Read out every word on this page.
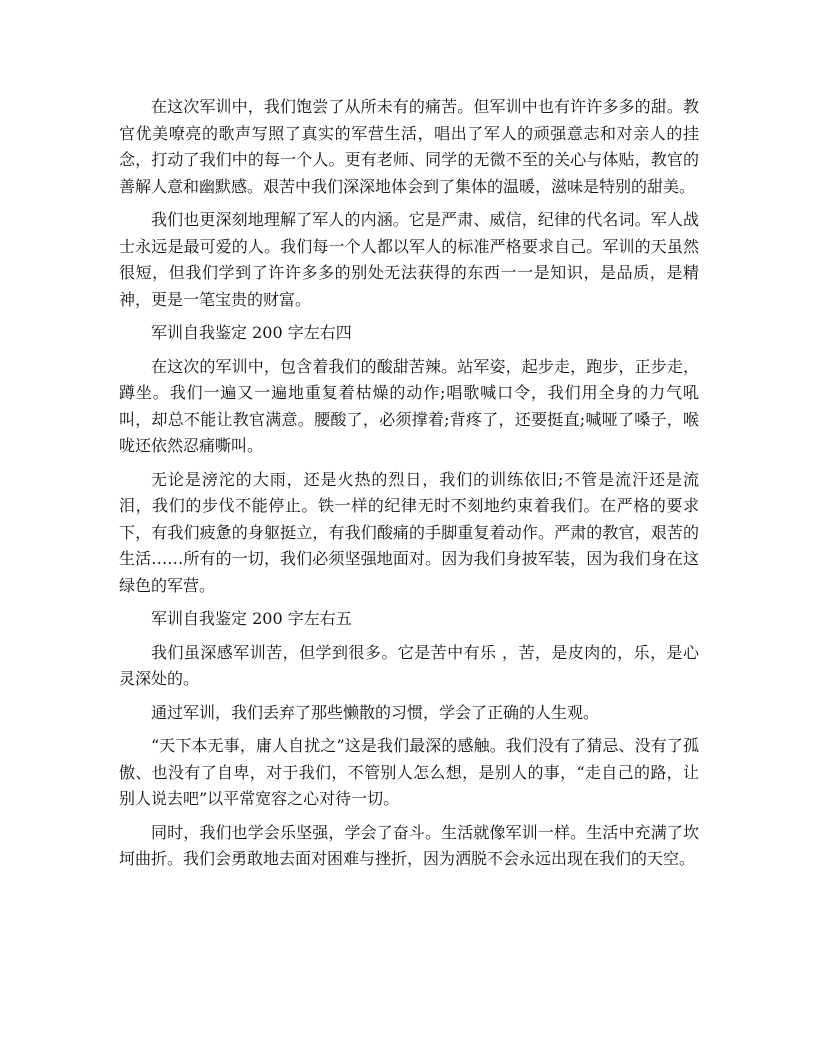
在这次军训中，我们饱尝了从所未有的痛苦。但军训中也有许许多多的甜。教官优美嘹亮的歌声写照了真实的军营生活，唱出了军人的顽强意志和对亲人的挂念，打动了我们中的每一个人。更有老师、同学的无微不至的关心与体贴，教官的善解人意和幽默感。艰苦中我们深深地体会到了集体的温暖，滋味是特别的甜美。

我们也更深刻地理解了军人的内涵。它是严肃、威信，纪律的代名词。军人战士永远是最可爱的人。我们每一个人都以军人的标准严格要求自己。军训的天虽然很短，但我们学到了许许多多的别处无法获得的东西一一是知识，是品质，是精神，更是一笔宝贵的财富。

军训自我鉴定 200 字左右四

在这次的军训中，包含着我们的酸甜苦辣。站军姿，起步走，跑步，正步走，蹲坐。我们一遍又一遍地重复着枯燥的动作;唱歌喊口令，我们用全身的力气吼叫，却总不能让教官满意。腰酸了，必须撑着;背疼了，还要挺直;喊哑了嗓子，喉咙还依然忍痛嘶叫。

无论是滂沱的大雨，还是火热的烈日，我们的训练依旧;不管是流汗还是流泪，我们的步伐不能停止。铁一样的纪律无时不刻地约束着我们。在严格的要求下，有我们疲惫的身躯挺立，有我们酸痛的手脚重复着动作。严肃的教官，艰苦的生活……所有的一切，我们必须坚强地面对。因为我们身披军装，因为我们身在这绿色的军营。

军训自我鉴定 200 字左右五

我们虽深感军训苦，但学到很多。它是苦中有乐 ，苦，是皮肉的，乐，是心灵深处的。

通过军训，我们丢弃了那些懒散的习惯，学会了正确的人生观。

“天下本无事，庸人自扰之”这是我们最深的感触。我们没有了猜忌、没有了孤傲、也没有了自卑，对于我们，不管别人怎么想，是别人的事，“走自己的路，让别人说去吧”以平常宽容之心对待一切。

同时，我们也学会乐坚强，学会了奋斗。生活就像军训一样。生活中充满了坎坷曲折。我们会勇敢地去面对困难与挫折，因为洒脱不会永远出现在我们的天空。
